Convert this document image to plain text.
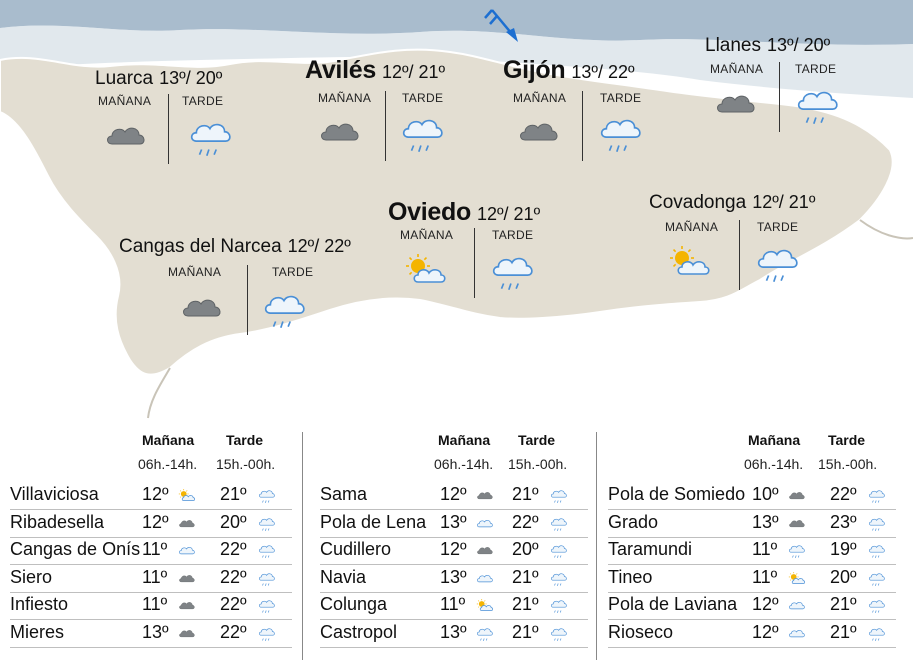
Luarca 13º/ 20º
MAÑANA	TARDE
Avilés 12º/ 21º
MAÑANA	TARDE
Gijón 13º/ 22º
MAÑANA	TARDE
Llanes 13º/ 20º
MAÑANA	TARDE
Oviedo 12º/ 21º
MAÑANA	TARDE
Covadonga 12º/ 21º
MAÑANA	TARDE
Cangas del Narcea 12º/ 22º
MAÑANA	TARDE
Mañana Tarde
06h.-14h. 15h.-00h.
Villaviciosa 12º	21º
Ribadesella 12º	20º
Cangas de Onís 11º	22º
Siero	11º	22º
Infiesto	11º	22º
Mieres	13º	22º
Mañana Tarde
06h.-14h. 15h.-00h.
Sama	12º	21º
Pola de Lena 13º	22º
Cudillero	12º	20º
Navia	13º	21º
Colunga	11º	21º
Castropol 13º	21º
Mañana Tarde
06h.-14h. 15h.-00h.
Pola de Somiedo 10º	22º
Grado	13º	23º
Taramundi	11º	19º
Tineo	11º	20º
Pola de Laviana 12º	21º
Rioseco	12º	21º
